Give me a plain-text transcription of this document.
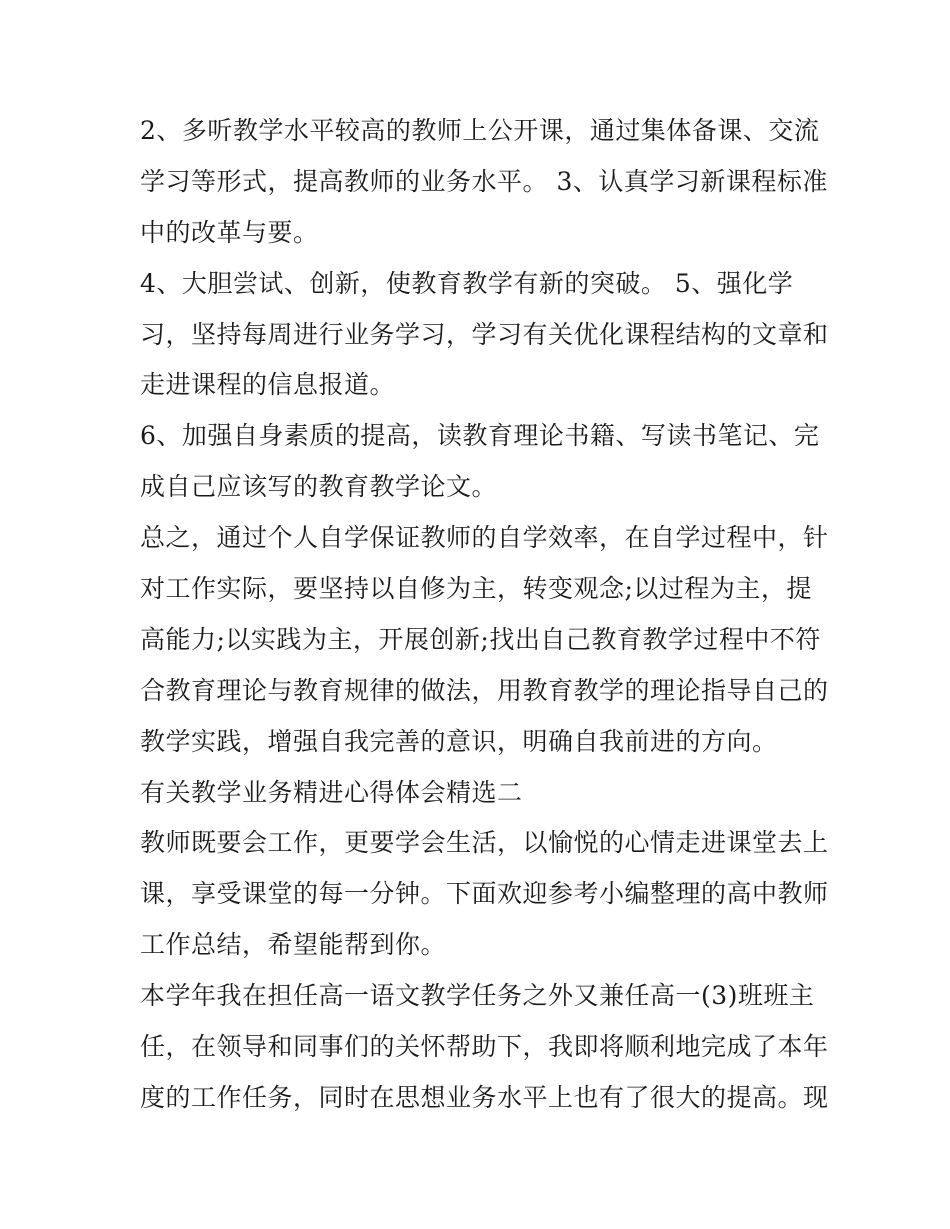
2、多听教学水平较高的教师上公开课，通过集体备课、交流

学习等形式，提高教师的业务水平。 3、认真学习新课程标准

中的改革与要。

4、大胆尝试、创新，使教育教学有新的突破。 5、强化学

习，坚持每周进行业务学习，学习有关优化课程结构的文章和

走进课程的信息报道。

6、加强自身素质的提高，读教育理论书籍、写读书笔记、完

成自己应该写的教育教学论文。

总之，通过个人自学保证教师的自学效率，在自学过程中，针

对工作实际，要坚持以自修为主，转变观念;以过程为主，提

高能力;以实践为主，开展创新;找出自己教育教学过程中不符

合教育理论与教育规律的做法，用教育教学的理论指导自己的

教学实践，增强自我完善的意识，明确自我前进的方向。

有关教学业务精进心得体会精选二

教师既要会工作，更要学会生活，以愉悦的心情走进课堂去上

课，享受课堂的每一分钟。下面欢迎参考小编整理的高中教师

工作总结，希望能帮到你。

本学年我在担任高一语文教学任务之外又兼任高一(3)班班主

任，在领导和同事们的关怀帮助下，我即将顺利地完成了本年

度的工作任务，同时在思想业务水平上也有了很大的提高。现
